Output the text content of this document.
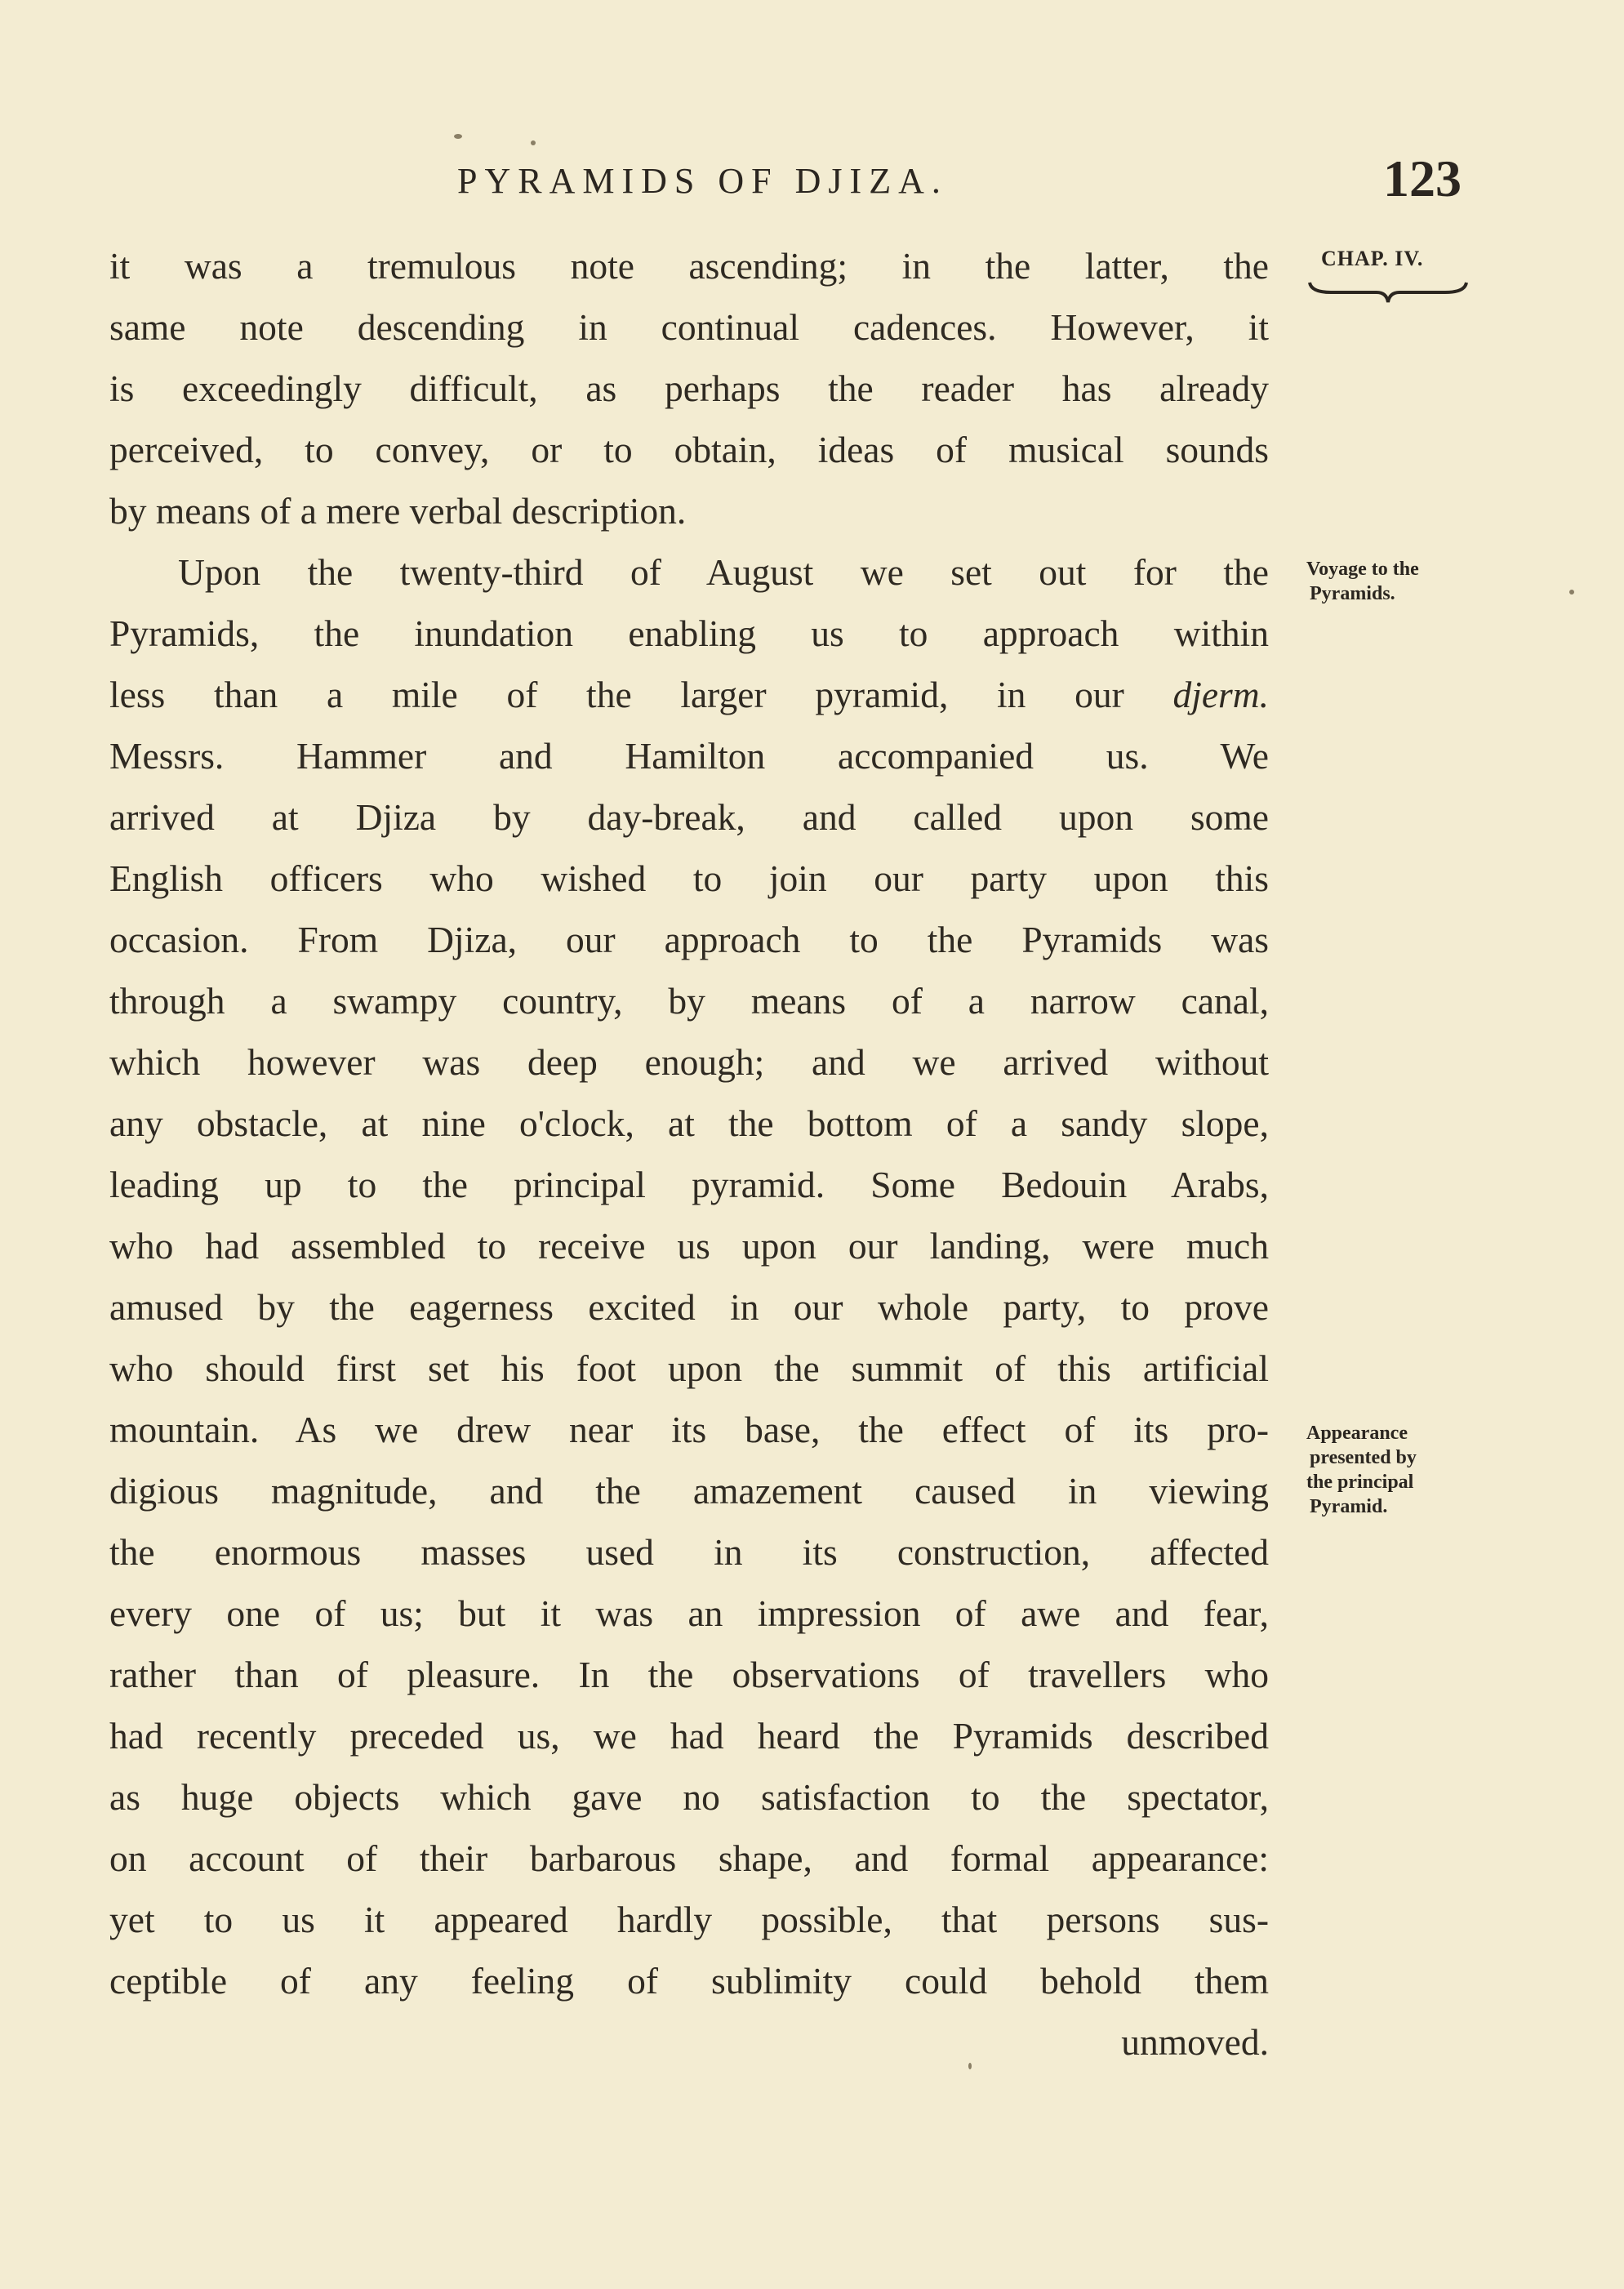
PYRAMIDS OF DJIZA.	123
CHAP. IV.
Voyage to the
Pyramids.
Appearance
presented by
the principal
Pyramid.
it was a tremulous note ascending; in the latter, the
same note descending in continual cadences. However, it
is exceedingly difficult, as perhaps the reader has already
perceived, to convey, or to obtain, ideas of musical sounds
by means of a mere verbal description.
Upon the twenty-third of August we set out for the
Pyramids, the inundation enabling us to approach within
less than a mile of the larger pyramid, in our djerm.
Messrs. Hammer and Hamilton accompanied us. We
arrived at Djiza by day-break, and called upon some
English officers who wished to join our party upon this
occasion. From Djiza, our approach to the Pyramids was
through a swampy country, by means of a narrow canal,
which however was deep enough; and we arrived without
any obstacle, at nine o'clock, at the bottom of a sandy slope,
leading up to the principal pyramid. Some Bedouin Arabs,
who had assembled to receive us upon our landing, were much
amused by the eagerness excited in our whole party, to prove
who should first set his foot upon the summit of this artificial
mountain. As we drew near its base, the effect of its pro-
digious magnitude, and the amazement caused in viewing
the enormous masses used in its construction, affected
every one of us; but it was an impression of awe and fear,
rather than of pleasure. In the observations of travellers who
had recently preceded us, we had heard the Pyramids described
as huge objects which gave no satisfaction to the spectator,
on account of their barbarous shape, and formal appearance:
yet to us it appeared hardly possible, that persons sus-
ceptible of any feeling of sublimity could behold them
unmoved.
